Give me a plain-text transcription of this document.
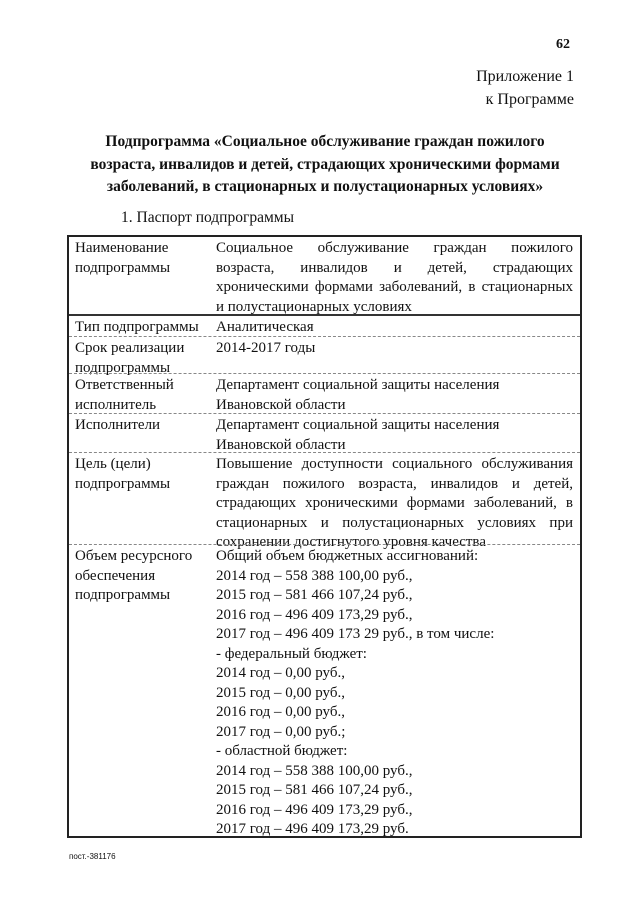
62
Приложение 1
к Программе
Подпрограмма «Социальное обслуживание граждан пожилого
возраста, инвалидов и детей, страдающих хроническими формами
заболеваний, в стационарных и полустационарных условиях»
1. Паспорт подпрограммы
Наименование
подпрограммы
Социальное обслуживание граждан пожилого
возраста, инвалидов и детей, страдающих
хроническими формами заболеваний, в стационарных
и полустационарных условиях
Тип подпрограммы	Аналитическая
Срок реализации
подпрограммы
2014-2017 годы
Ответственный
исполнитель
Департамент социальной защиты населения
Ивановской области
Исполнители	Департамент социальной защиты населения
Ивановской области
Цель (цели)
подпрограммы
Повышение доступности социального обслуживания
граждан пожилого возраста, инвалидов и детей,
страдающих хроническими формами заболеваний, в
стационарных и полустационарных условиях при
сохранении достигнутого уровня качества
Объем ресурсного
обеспечения
подпрограммы
Общий объем бюджетных ассигнований:
2014 год – 558 388 100,00 руб.,
2015 год – 581 466 107,24 руб.,
2016 год – 496 409 173,29 руб.,
2017 год – 496 409 173 29 руб., в том числе:
- федеральный бюджет:
2014 год – 0,00 руб.,
2015 год – 0,00 руб.,
2016 год – 0,00 руб.,
2017 год – 0,00 руб.;
- областной бюджет:
2014 год – 558 388 100,00 руб.,
2015 год – 581 466 107,24 руб.,
2016 год – 496 409 173,29 руб.,
2017 год – 496 409 173,29 руб.
пост.-381176
